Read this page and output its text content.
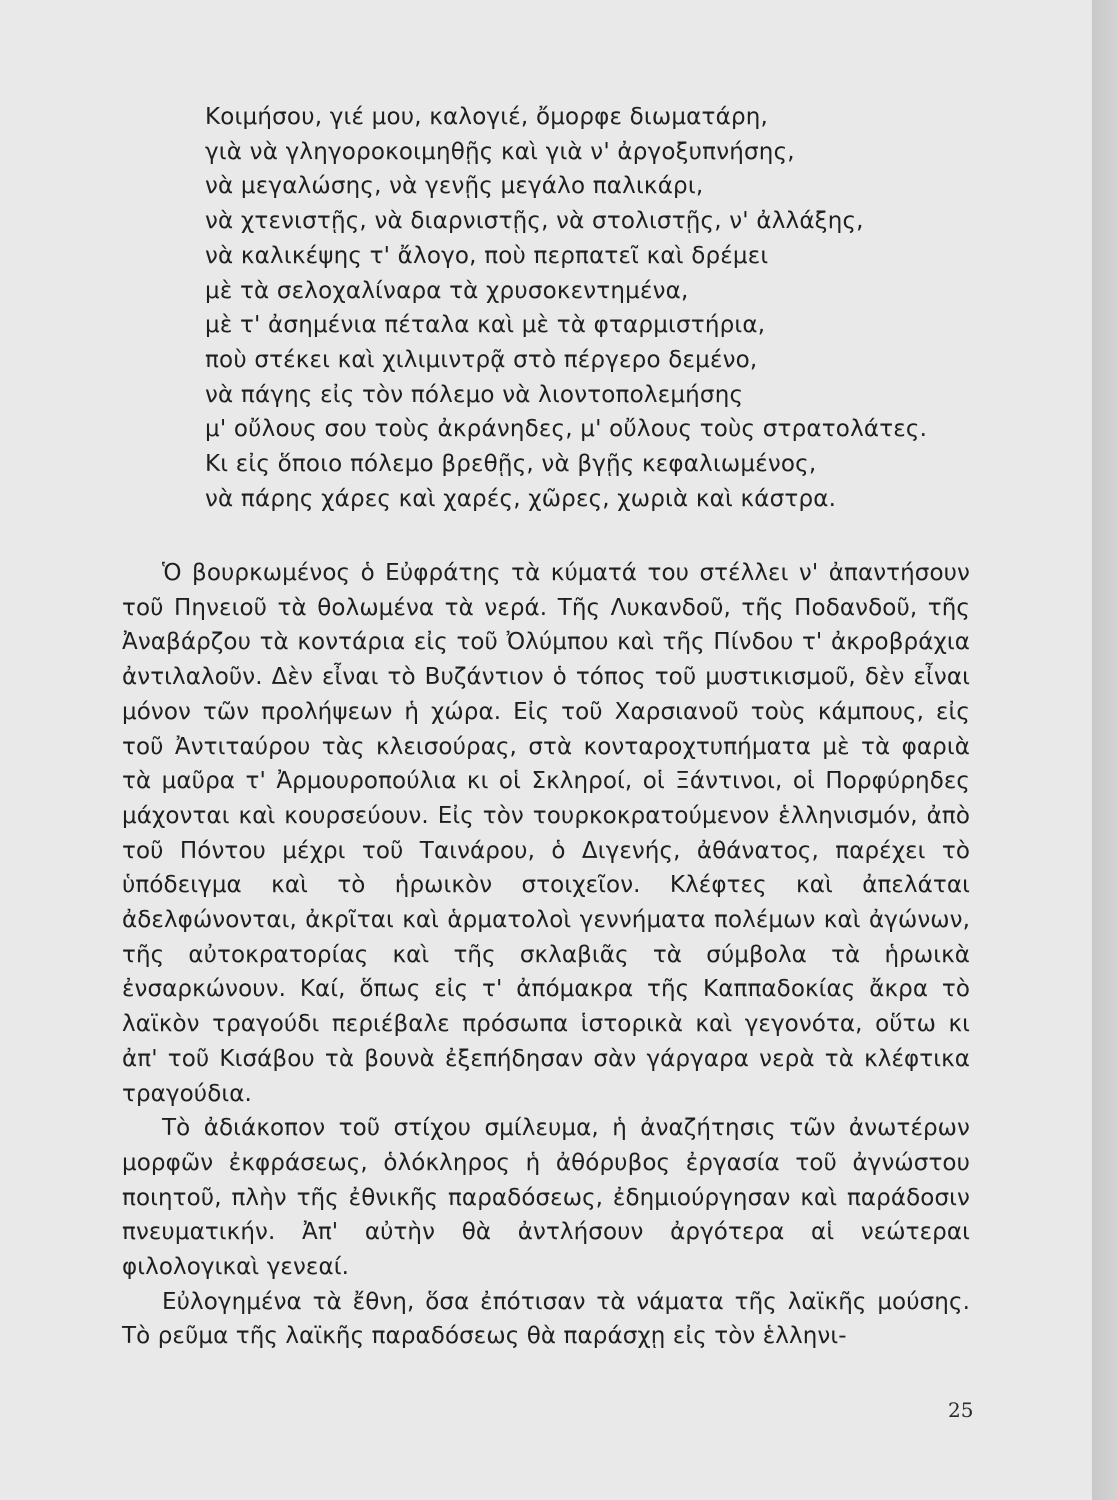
Κοιμήσου, γιέ μου, καλογιέ, ὄμορφε διωματάρη,
γιὰ νὰ γληγοροκοιμηθῇς καὶ γιὰ ν' ἀργοξυπνήσης,
νὰ μεγαλώσης, νὰ γενῇς μεγάλο παλικάρι,
νὰ χτενιστῇς, νὰ διαρνιστῇς, νὰ στολιστῇς, ν' ἀλλάξης,
νὰ καλικέψης τ' ἄλογο, ποὺ περπατεῖ καὶ δρέμει
μὲ τὰ σελοχαλίναρα τὰ χρυσοκεντημένα,
μὲ τ' ἀσημένια πέταλα καὶ μὲ τὰ φταρμιστήρια,
ποὺ στέκει καὶ χιλιμιντρᾷ στὸ πέργερο δεμένο,
νὰ πάγης εἰς τὸν πόλεμο νὰ λιοντοπολεμήσης
μ' οὔλους σου τοὺς ἀκράνηδες, μ' οὔλους τοὺς στρατολάτες.
Κι εἰς ὅποιο πόλεμο βρεθῇς, νὰ βγῇς κεφαλιωμένος,
νὰ πάρης χάρες καὶ χαρές, χῶρες, χωριὰ καὶ κάστρα.

Ὁ βουρκωμένος ὁ Εὐφράτης τὰ κύματά του στέλλει ν' ἀπαντήσουν τοῦ Πηνειοῦ τὰ θολωμένα τὰ νερά. Τῆς Λυκανδοῦ, τῆς Ποδανδοῦ, τῆς Ἀναβάρζου τὰ κοντάρια εἰς τοῦ Ὀλύμπου καὶ τῆς Πίνδου τ' ἀκροβράχια ἀντιλαλοῦν. Δὲν εἶναι τὸ Βυζάντιον ὁ τόπος τοῦ μυστικισμοῦ, δὲν εἶναι μόνον τῶν προλήψεων ἡ χώρα. Εἰς τοῦ Χαρσιανοῦ τοὺς κάμπους, εἰς τοῦ Ἀντιταύρου τὰς κλεισούρας, στὰ κονταροχτυπήματα μὲ τὰ φαριὰ τὰ μαῦρα τ' Ἀρμουροπούλια κι οἱ Σκληροί, οἱ Ξάντινοι, οἱ Πορφύρηδες μάχονται καὶ κουρσεύουν. Εἰς τὸν τουρκοκρατούμενον ἑλληνισμόν, ἀπὸ τοῦ Πόντου μέχρι τοῦ Ταινάρου, ὁ Διγενής, ἀθάνατος, παρέχει τὸ ὑπόδειγμα καὶ τὸ ἡρωικὸν στοιχεῖον. Κλέφτες καὶ ἀπελάται ἀδελφώνονται, ἀκρῖται καὶ ἁρματολοὶ γεννήματα πολέμων καὶ ἀγώνων, τῆς αὐτοκρατορίας καὶ τῆς σκλαβιᾶς τὰ σύμβολα τὰ ἡρωικὰ ἐνσαρκώνουν. Καί, ὅπως εἰς τ' ἀπόμακρα τῆς Καππαδοκίας ἄκρα τὸ λαϊκὸν τραγούδι περιέβαλε πρόσωπα ἱστορικὰ καὶ γεγονότα, οὕτω κι ἀπ' τοῦ Κισάβου τὰ βουνὰ ἐξεπήδησαν σὰν γάργαρα νερὰ τὰ κλέφτικα τραγούδια.

Τὸ ἀδιάκοπον τοῦ στίχου σμίλευμα, ἡ ἀναζήτησις τῶν ἀνωτέρων μορφῶν ἐκφράσεως, ὁλόκληρος ἡ ἀθόρυβος ἐργασία τοῦ ἀγνώστου ποιητοῦ, πλὴν τῆς ἐθνικῆς παραδόσεως, ἐδημιούργησαν καὶ παράδοσιν πνευματικήν. Ἀπ' αὐτὴν θὰ ἀντλήσουν ἀργότερα αἱ νεώτεραι φιλολογικαὶ γενεαί.

Εὐλογημένα τὰ ἔθνη, ὅσα ἐπότισαν τὰ νάματα τῆς λαϊκῆς μούσης. Τὸ ρεῦμα τῆς λαϊκῆς παραδόσεως θὰ παράσχῃ εἰς τὸν ἑλληνι-

25
